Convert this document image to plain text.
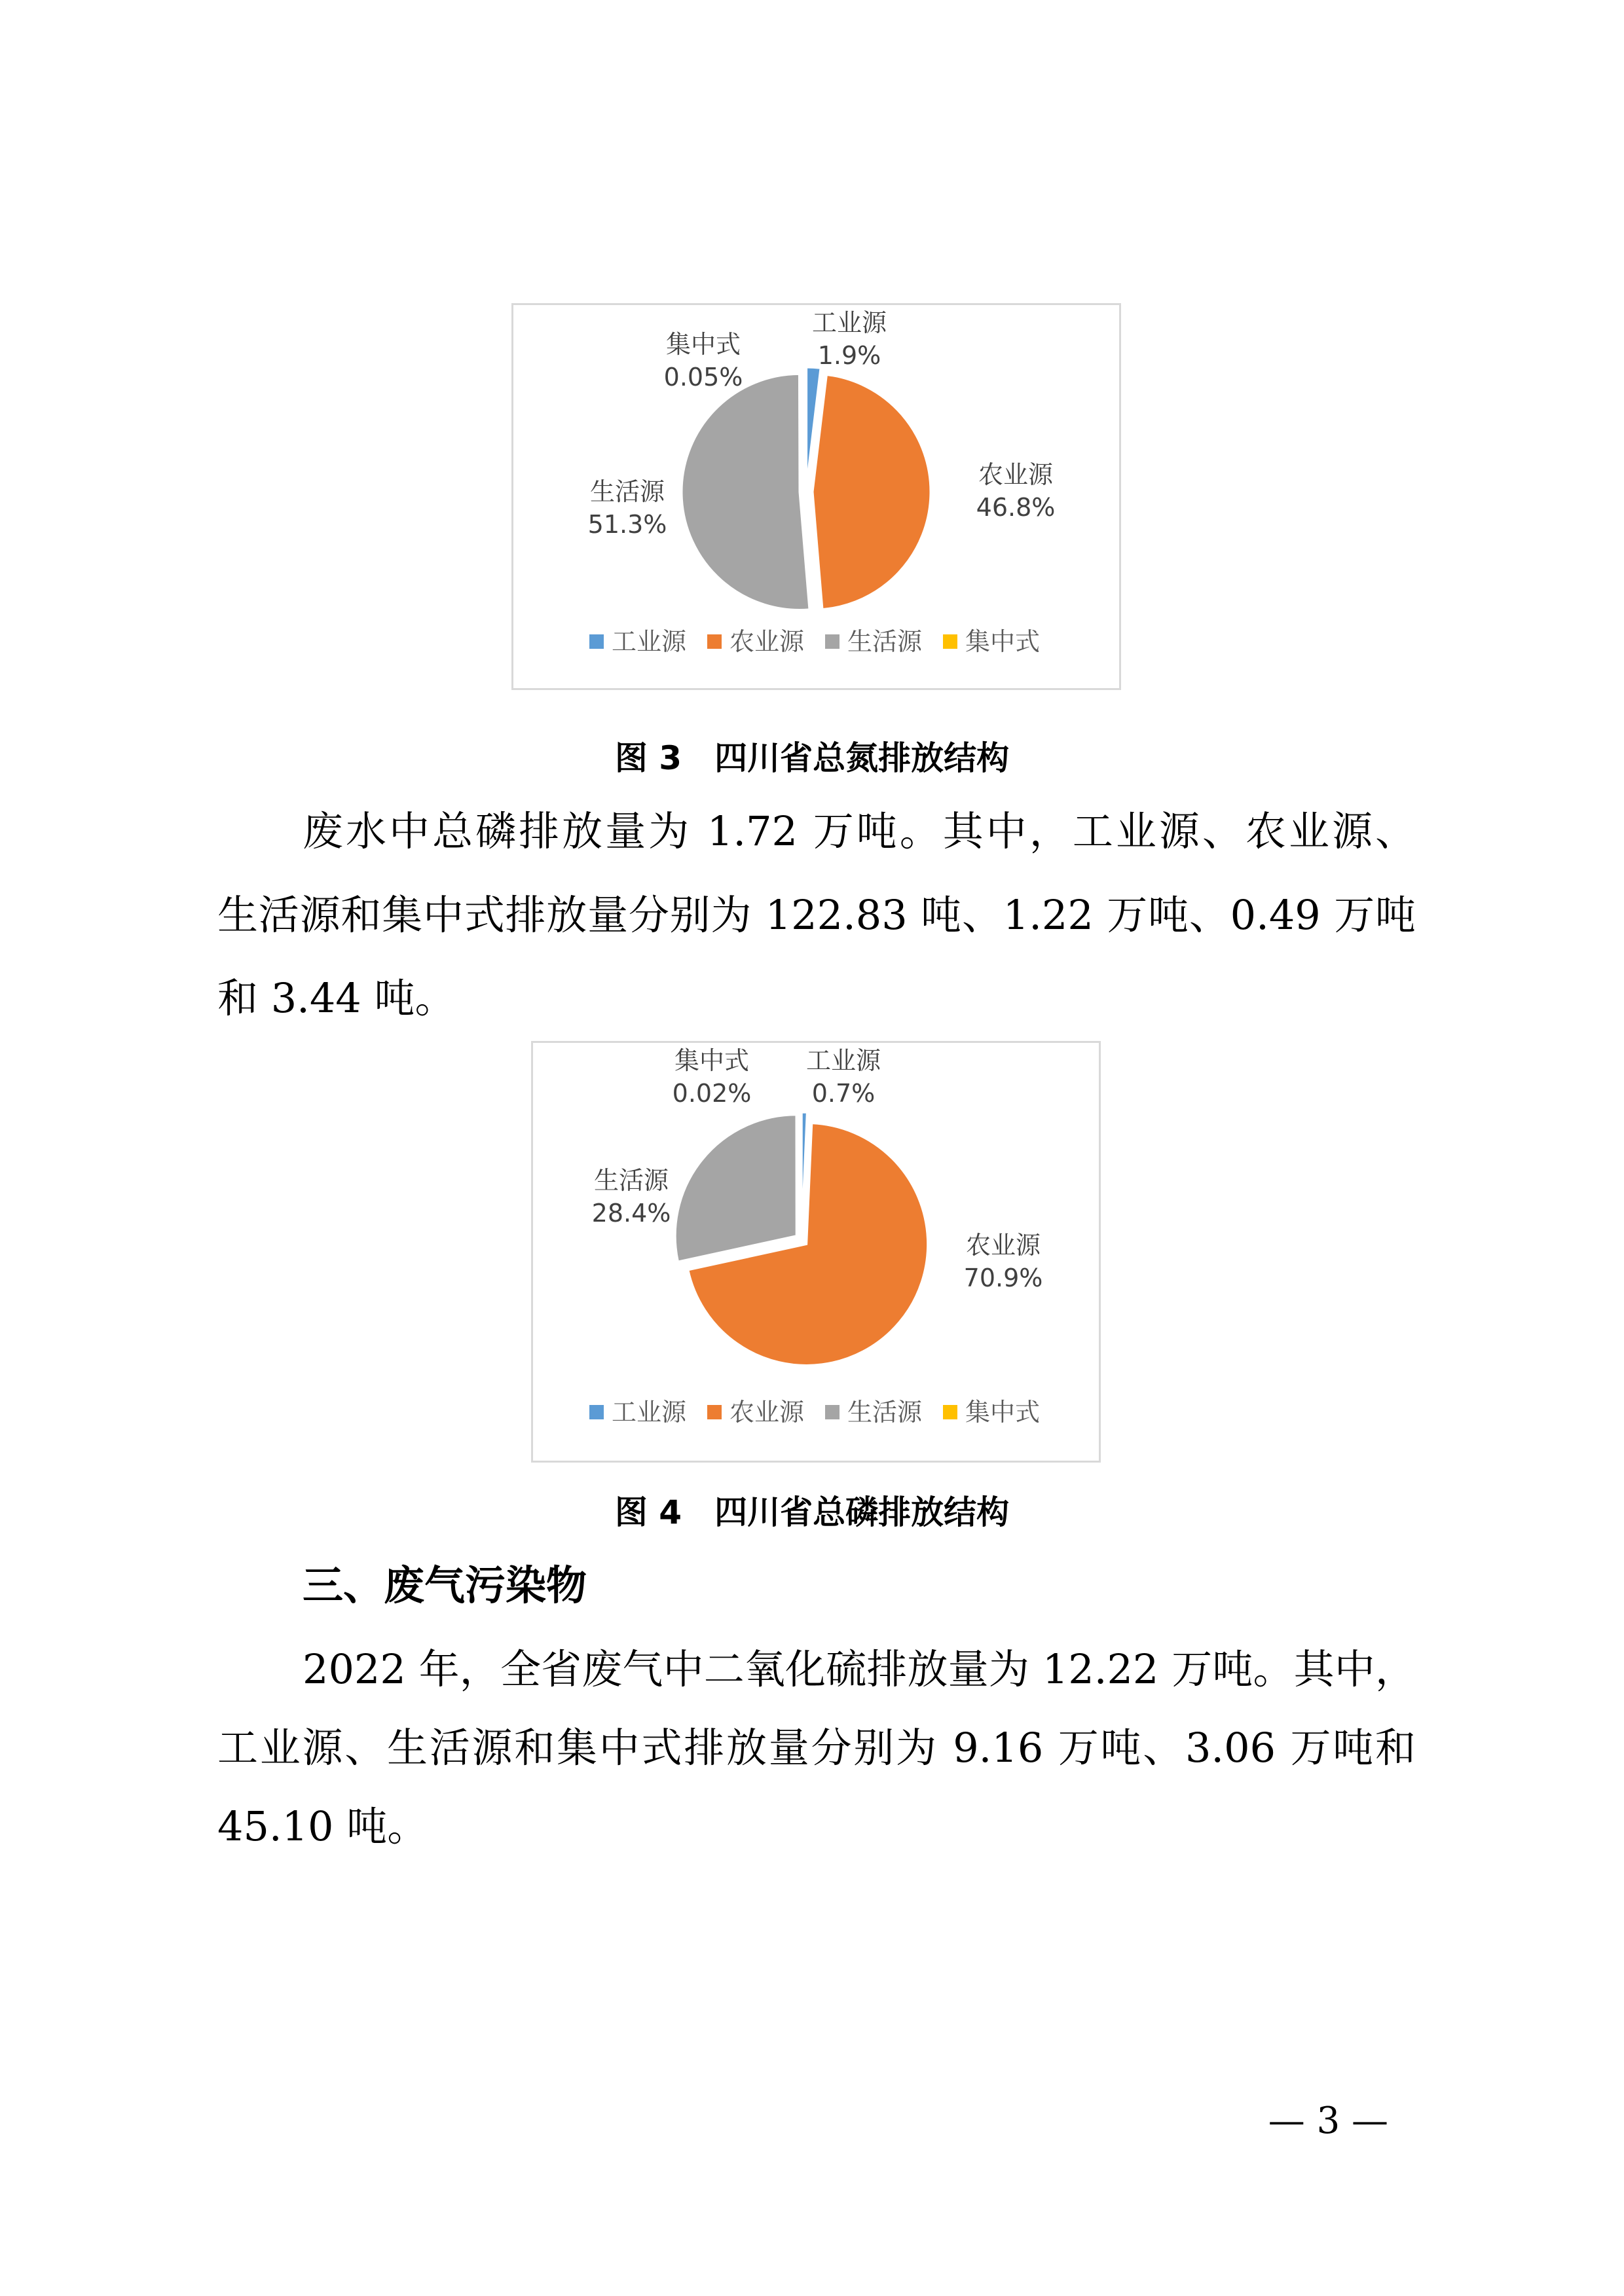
工业源
1.9%
农业源
46.8%
生活源
51.3%
集中式
0.05%
工业源 农业源 生活源 集中式
图 3　四川省总氮排放结构
废水中总磷排放量为 1.72 万吨。其中，工业源、农业源、
生活源和集中式排放量分别为 122.83 吨、1.22 万吨、0.49 万吨
和 3.44 吨。
工业源
0.7%
农业源
70.9%
生活源
28.4%
集中式
0.02%
工业源 农业源 生活源 集中式
图 4　四川省总磷排放结构
三、废气污染物
2022 年，全省废气中二氧化硫排放量为 12.22 万吨。其中，
工业源、生活源和集中式排放量分别为 9.16 万吨、3.06 万吨和
45.10 吨。
— 3 —
